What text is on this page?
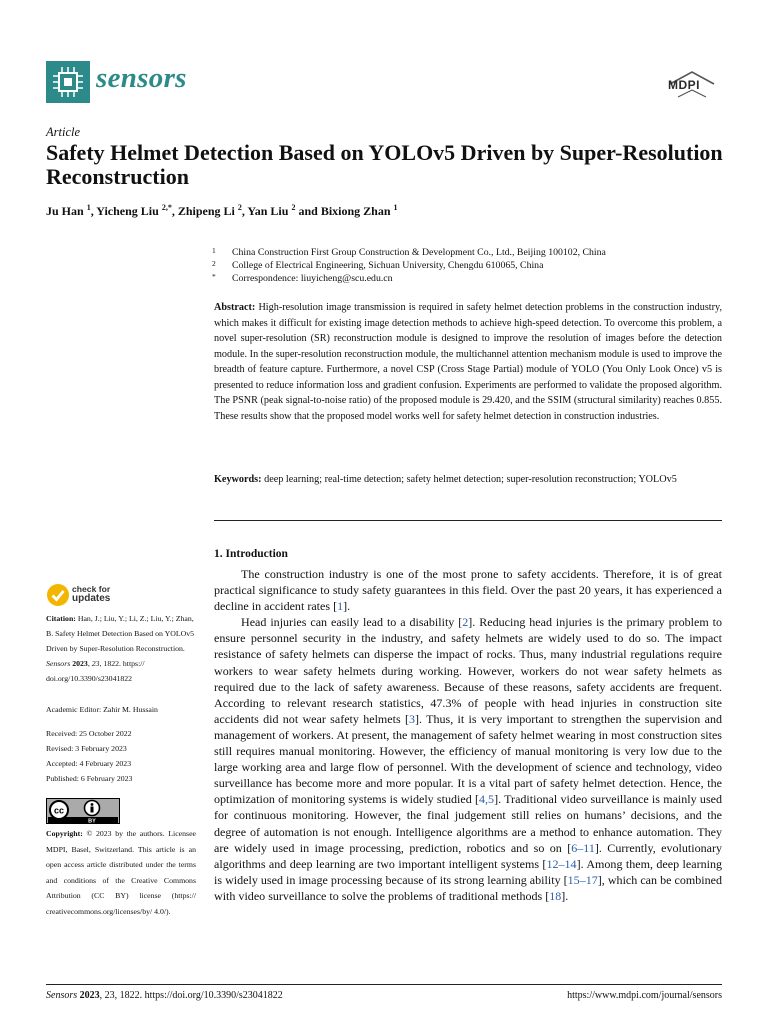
sensors	MDPI
Article
Safety Helmet Detection Based on YOLOv5 Driven by Super-Resolution Reconstruction
Ju Han $^1$, Yicheng Liu $^{2,*}$, Zhipeng Li $^2$, Yan Liu $^2$ and Bixiong Zhan $^1$
1 China Construction First Group Construction & Development Co., Ltd., Beijing 100102, China
2 College of Electrical Engineering, Sichuan University, Chengdu 610065, China
* Correspondence: liuyicheng@scu.edu.cn
Abstract: High-resolution image transmission is required in safety helmet detection problems in the construction industry, which makes it difficult for existing image detection methods to achieve high-speed detection. To overcome this problem, a novel super-resolution (SR) reconstruction module is designed to improve the resolution of images before the detection module. In the super-resolution reconstruction module, the multichannel attention mechanism module is used to improve the breadth of feature capture. Furthermore, a novel CSP (Cross Stage Partial) module of YOLO (You Only Look Once) v5 is presented to reduce information loss and gradient confusion. Experiments are performed to validate the proposed algorithm. The PSNR (peak signal-to-noise ratio) of the proposed module is 29.420, and the SSIM (structural similarity) reaches 0.855. These results show that the proposed model works well for safety helmet detection in construction industries.
Keywords: deep learning; real-time detection; safety helmet detection; super-resolution reconstruction; YOLOv5
1. Introduction

The construction industry is one of the most prone to safety accidents. Therefore, it is of great practical significance to study safety guarantees in this field. Over the past 20 years, it has experienced a decline in accident rates [1].

Head injuries can easily lead to a disability [2]. Reducing head injuries is the primary problem to ensure personnel security in the industry, and safety helmets are widely used to do so. The impact resistance of safety helmets can disperse the impact of rocks. Thus, many industrial regulations require workers to wear safety helmets during working. However, workers do not wear safety helmets as required due to the lack of safety awareness. Because of these reasons, safety accidents are frequent. According to relevant research statistics, 47.3% of people with head injuries in construction site accidents did not wear safety helmets [3]. Thus, it is very important to strengthen the supervision and management of workers. At present, the management of safety helmet wearing in most construction sites still requires manual monitoring. However, the efficiency of manual monitoring is very low due to the large working area and large flow of personnel. With the development of science and technology, video surveillance has become more and more popular. It is a vital part of safety helmet detection. Hence, the optimization of monitoring systems is widely studied [4,5]. Traditional video surveillance is mainly used for continuous monitoring. However, the final judgement still relies on humans’ decisions, and the degree of automation is not enough. Intelligence algorithms are a method to enhance automation. They are widely used in image processing, prediction, robotics and so on [6–11]. Currently, evolutionary algorithms and deep learning are two important intelligent systems [12–14]. Among them, deep learning is widely used in image processing because of its strong learning ability [15–17], which can be combined with video surveillance to solve the problems of traditional methods [18].

check for
updates
Citation: Han, J.; Liu, Y.; Li, Z.; Liu, Y.; Zhan, B. Safety Helmet Detection Based on YOLOv5 Driven by Super-Resolution Reconstruction. Sensors 2023, 23, 1822. https:// doi.org/10.3390/s23041822
Academic Editor: Zahir M. Hussain
Received: 25 October 2022
Revised: 3 February 2023
Accepted: 4 February 2023
Published: 6 February 2023
cc
BY
Copyright: © 2023 by the authors. Licensee MDPI, Basel, Switzerland. This article is an open access article distributed under the terms and conditions of the Creative Commons Attribution (CC BY) license (https:// creativecommons.org/licenses/by/ 4.0/).
Sensors 2023, 23, 1822. https://doi.org/10.3390/s23041822	https://www.mdpi.com/journal/sensors
